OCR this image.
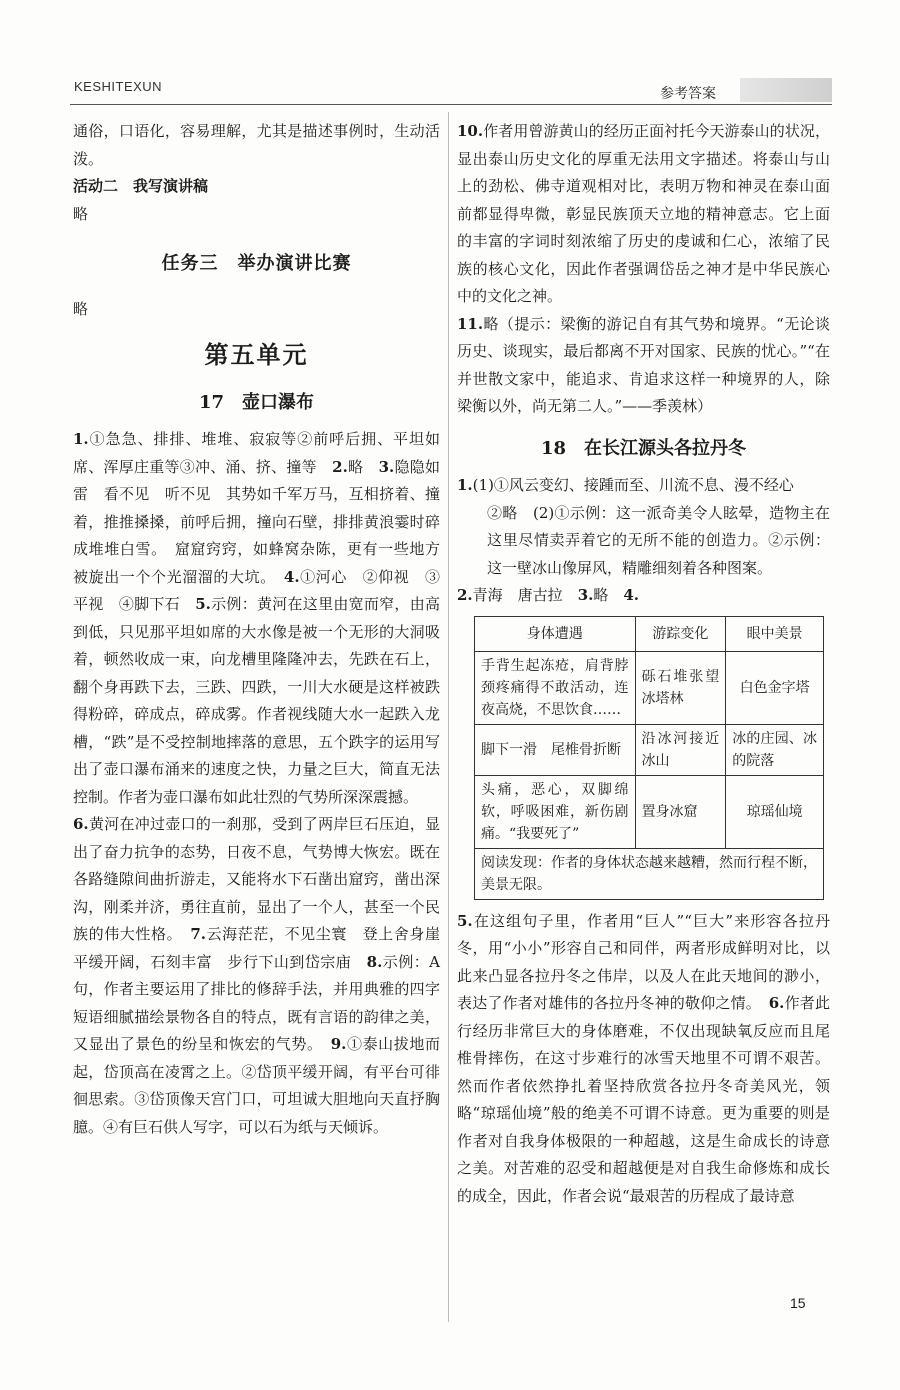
KESHITEXUN	参考答案

通俗，口语化，容易理解，尤其是描述事例时，生动活泼。

活动二　我写演讲稿

略

任务三　举办演讲比赛

略

第五单元
17　壶口瀑布

1.①急急、排排、堆堆、寂寂等②前呼后拥、平坦如席、浑厚庄重等③冲、涌、挤、撞等　2.略　3.隐隐如雷　看不见　听不见　其势如千军万马，互相挤着、撞着，推推搡搡，前呼后拥，撞向石壁，排排黄浪霎时碎成堆堆白雪。　窟窟窍窍，如蜂窝杂陈，更有一些地方被旋出一个个光溜溜的大坑。　4.①河心　②仰视　③平视　④脚下石　5.示例：黄河在这里由宽而窄，由高到低，只见那平坦如席的大水像是被一个无形的大洞吸着，顿然收成一束，向龙槽里隆隆冲去，先跌在石上，翻个身再跌下去，三跌、四跌，一川大水硬是这样被跌得粉碎，碎成点，碎成雾。作者视线随大水一起跌入龙槽，“跌”是不受控制地摔落的意思，五个跌字的运用写出了壶口瀑布涌来的速度之快，力量之巨大，简直无法控制。作者为壶口瀑布如此壮烈的气势所深深震撼。

6.黄河在冲过壶口的一刹那，受到了两岸巨石压迫，显出了奋力抗争的态势，日夜不息，气势博大恢宏。既在各路缝隙间曲折游走，又能将水下石凿出窟窍，凿出深沟，刚柔并济，勇往直前，显出了一个人，甚至一个民族的伟大性格。　7.云海茫茫，不见尘寰　登上舍身崖　平缓开阔，石刻丰富　步行下山到岱宗庙　8.示例：A句，作者主要运用了排比的修辞手法，并用典雅的四字短语细腻描绘景物各自的特点，既有言语的韵律之美，又显出了景色的纷呈和恢宏的气势。　9.①泰山拔地而起，岱顶高在凌霄之上。②岱顶平缓开阔，有平台可徘徊思索。③岱顶像天宫门口，可坦诚大胆地向天直抒胸臆。④有巨石供人写字，可以石为纸与天倾诉。

10.作者用曾游黄山的经历正面衬托今天游泰山的状况，显出泰山历史文化的厚重无法用文字描述。将泰山与山上的劲松、佛寺道观相对比，表明万物和神灵在泰山面前都显得卑微，彰显民族顶天立地的精神意志。它上面的丰富的字词时刻浓缩了历史的虔诚和仁心，浓缩了民族的核心文化，因此作者强调岱岳之神才是中华民族心中的文化之神。

11.略（提示：梁衡的游记自有其气势和境界。“无论谈历史、谈现实，最后都离不开对国家、民族的忧心。”“在并世散文家中，能追求、肯追求这样一种境界的人，除梁衡以外，尚无第二人。”——季羡林）

18　在长江源头各拉丹冬

1.(1)①风云变幻、接踵而至、川流不息、漫不经心

②略　(2)①示例：这一派奇美令人眩晕，造物主在这里尽情卖弄着它的无所不能的创造力。②示例：这一壁冰山像屏风，精雕细刻着各种图案。

2.青海　唐古拉　3.略　4.

身体遭遇	游踪变化	眼中美景
手背生起冻疮，肩背脖颈疼痛得不敢活动，连夜高烧，不思饮食……	砾石堆张望冰塔林	白色金字塔
脚下一滑　尾椎骨折断	沿冰河接近冰山	冰的庄园、冰的院落
头痛，恶心，双脚绵软，呼吸困难，新伤剧痛。“我要死了”	置身冰窟	琼瑶仙境
阅读发现：作者的身体状态越来越糟，然而行程不断，美景无限。		

5.在这组句子里，作者用“巨人”“巨大”来形容各拉丹冬，用“小小”形容自己和同伴，两者形成鲜明对比，以此来凸显各拉丹冬之伟岸，以及人在此天地间的渺小，表达了作者对雄伟的各拉丹冬神的敬仰之情。　6.作者此行经历非常巨大的身体磨难，不仅出现缺氧反应而且尾椎骨摔伤，在这寸步难行的冰雪天地里不可谓不艰苦。然而作者依然挣扎着坚持欣赏各拉丹冬奇美风光，领略“琼瑶仙境”般的绝美不可谓不诗意。更为重要的则是作者对自我身体极限的一种超越，这是生命成长的诗意之美。对苦难的忍受和超越便是对自我生命修炼和成长的成全，因此，作者会说“最艰苦的历程成了最诗意

15
